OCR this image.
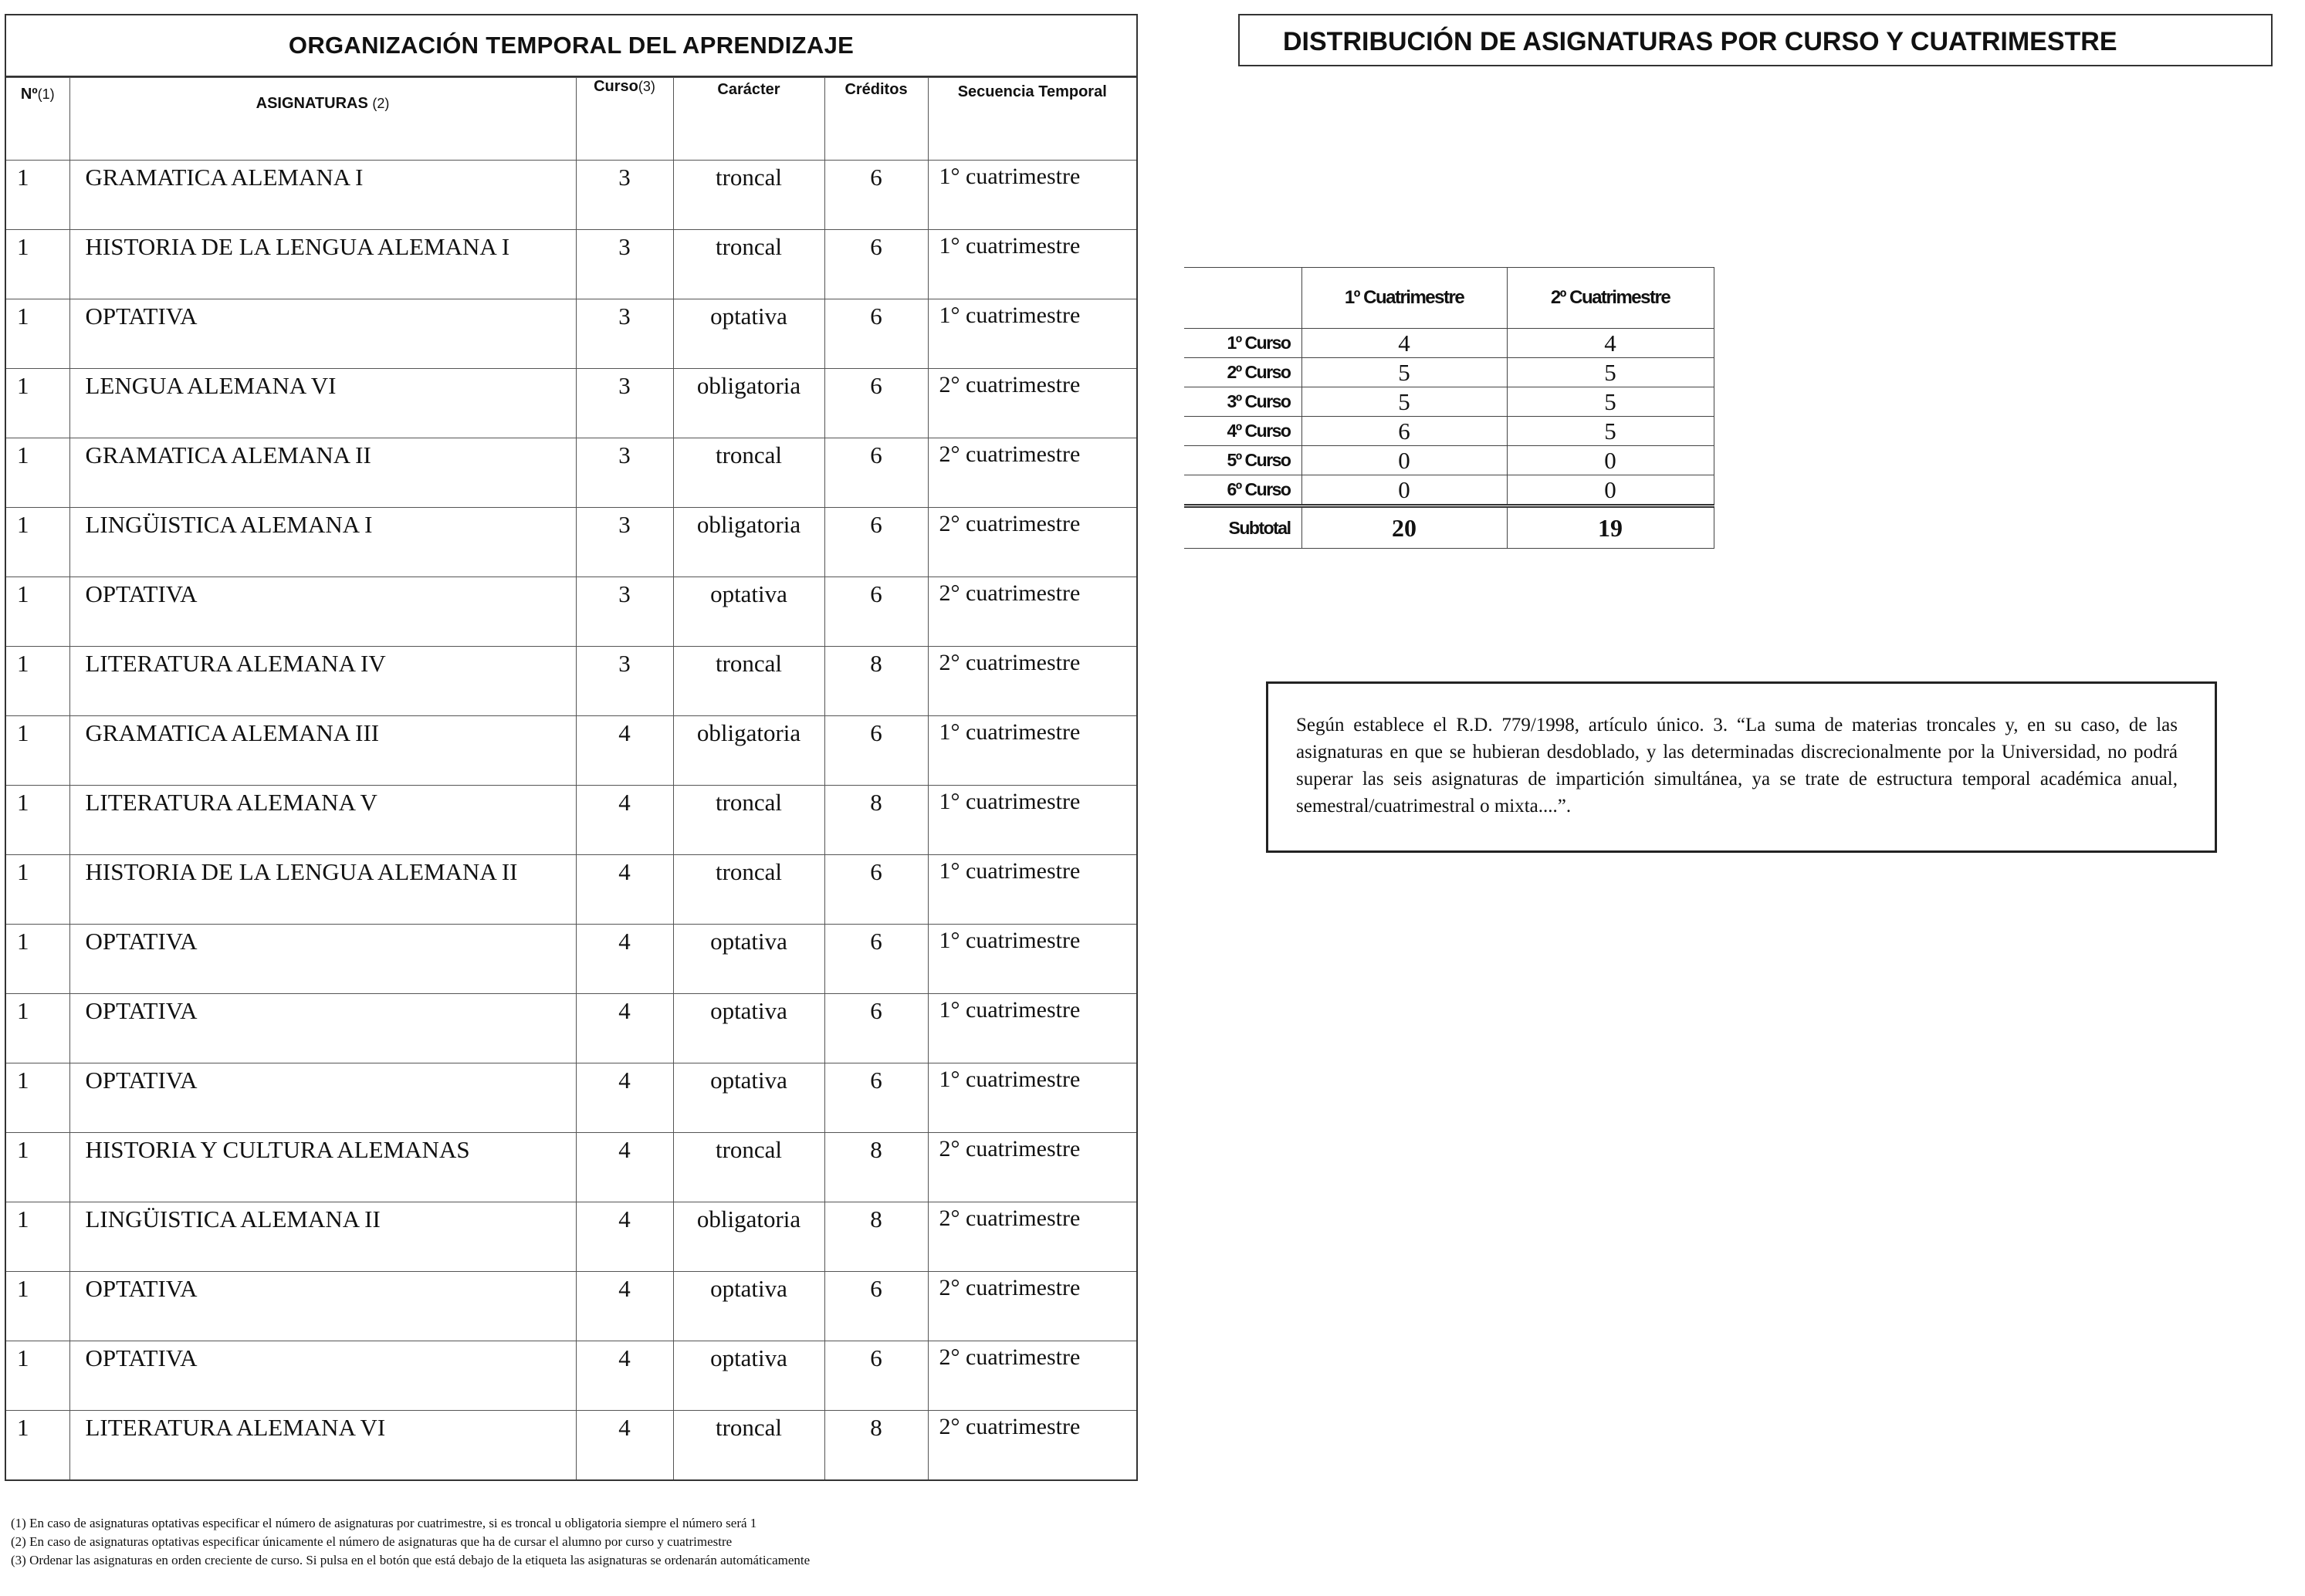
ORGANIZACIÓN TEMPORAL DEL APRENDIZAJE
Nº(1)	ASIGNATURAS (2)	Curso(3)	Carácter	Créditos	Secuencia Temporal
1	GRAMATICA ALEMANA I	3	troncal	6	1° cuatrimestre
1	HISTORIA DE LA LENGUA ALEMANA I	3	troncal	6	1° cuatrimestre
1	OPTATIVA	3	optativa	6	1° cuatrimestre
1	LENGUA ALEMANA VI	3	obligatoria	6	2° cuatrimestre
1	GRAMATICA ALEMANA II	3	troncal	6	2° cuatrimestre
1	LINGÜISTICA ALEMANA I	3	obligatoria	6	2° cuatrimestre
1	OPTATIVA	3	optativa	6	2° cuatrimestre
1	LITERATURA ALEMANA IV	3	troncal	8	2° cuatrimestre
1	GRAMATICA ALEMANA III	4	obligatoria	6	1° cuatrimestre
1	LITERATURA ALEMANA V	4	troncal	8	1° cuatrimestre
1	HISTORIA DE LA LENGUA ALEMANA II	4	troncal	6	1° cuatrimestre
1	OPTATIVA	4	optativa	6	1° cuatrimestre
1	OPTATIVA	4	optativa	6	1° cuatrimestre
1	OPTATIVA	4	optativa	6	1° cuatrimestre
1	HISTORIA Y CULTURA ALEMANAS	4	troncal	8	2° cuatrimestre
1	LINGÜISTICA ALEMANA II	4	obligatoria	8	2° cuatrimestre
1	OPTATIVA	4	optativa	6	2° cuatrimestre
1	OPTATIVA	4	optativa	6	2° cuatrimestre
1	LITERATURA ALEMANA VI	4	troncal	8	2° cuatrimestre
DISTRIBUCIÓN DE ASIGNATURAS POR CURSO Y CUATRIMESTRE
	1º Cuatrimestre	2º Cuatrimestre
1º Curso	4	4
2º Curso	5	5
3º Curso	5	5
4º Curso	6	5
5º Curso	0	0
6º Curso	0	0
Subtotal	20	19
Según establece el R.D. 779/1998, artículo único. 3. “La suma de materias troncales y, en su caso, de las asignaturas en que se hubieran desdoblado, y las determinadas discrecionalmente por la Universidad, no podrá superar las seis asignaturas de impartición simultánea, ya se trate de estructura temporal académica anual, semestral/cuatrimestral o mixta....”.
(1) En caso de asignaturas optativas especificar el número de asignaturas por cuatrimestre, si es troncal u obligatoria siempre el número será 1
(2) En caso de asignaturas optativas especificar únicamente el número de asignaturas que ha de cursar el alumno por curso y cuatrimestre
(3) Ordenar las asignaturas en orden creciente de curso. Si pulsa en el botón que está debajo de la etiqueta las asignaturas se ordenarán automáticamente
